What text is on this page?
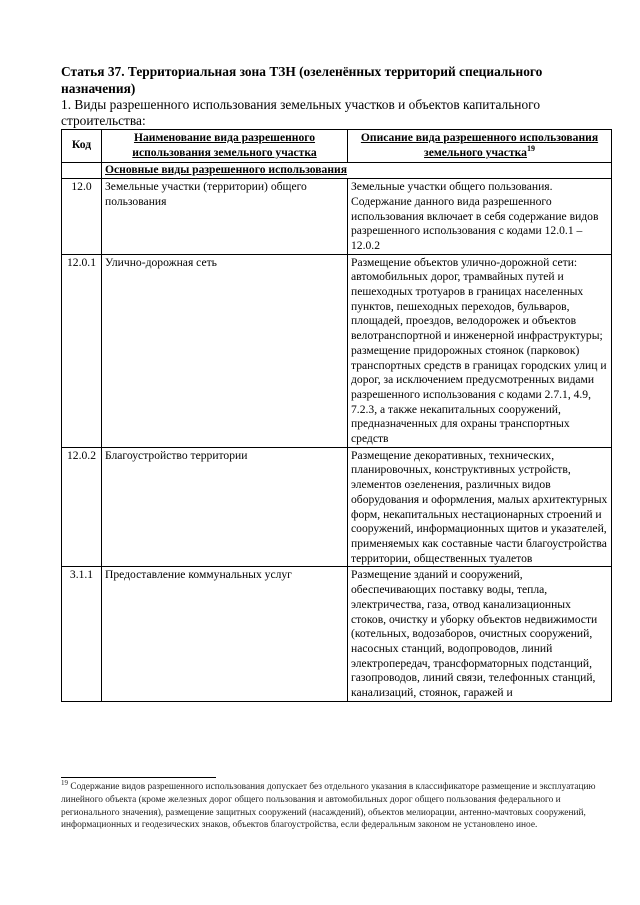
Статья 37. Территориальная зона ТЗН (озеленённых территорий специального назначения)
1. Виды разрешенного использования земельных участков и объектов капитального строительства:
Код	Наименование вида разрешенного использования земельного участка	Описание вида разрешенного использования земельного участка$^{19}$
	Основные виды разрешенного использования	
12.0	Земельные участки (территории) общего пользования	Земельные участки общего пользования. Содержание данного вида разрешенного использования включает в себя содержание видов разрешенного использования с кодами 12.0.1 – 12.0.2
12.0.1	Улично-дорожная сеть	Размещение объектов улично-дорожной сети: автомобильных дорог, трамвайных путей и пешеходных тротуаров в границах населенных пунктов, пешеходных переходов, бульваров, площадей, проездов, велодорожек и объектов велотранспортной и инженерной инфраструктуры; размещение придорожных стоянок (парковок) транспортных средств в границах городских улиц и дорог, за исключением предусмотренных видами разрешенного использования с кодами 2.7.1, 4.9, 7.2.3, а также некапитальных сооружений, предназначенных для охраны транспортных средств
12.0.2	Благоустройство территории	Размещение декоративных, технических, планировочных, конструктивных устройств, элементов озеленения, различных видов оборудования и оформления, малых архитектурных форм, некапитальных нестационарных строений и сооружений, информационных щитов и указателей, применяемых как составные части благоустройства территории, общественных туалетов
3.1.1	Предоставление коммунальных услуг	Размещение зданий и сооружений, обеспечивающих поставку воды, тепла, электричества, газа, отвод канализационных стоков, очистку и уборку объектов недвижимости (котельных, водозаборов, очистных сооружений, насосных станций, водопроводов, линий электропередач, трансформаторных подстанций, газопроводов, линий связи, телефонных станций, канализаций, стоянок, гаражей и
$^{19}$ Содержание видов разрешенного использования допускает без отдельного указания в классификаторе размещение и эксплуатацию линейного объекта (кроме железных дорог общего пользования и автомобильных дорог общего пользования федерального и регионального значения), размещение защитных сооружений (насаждений), объектов мелиорации, антенно-мачтовых сооружений, информационных и геодезических знаков, объектов благоустройства, если федеральным законом не установлено иное.
